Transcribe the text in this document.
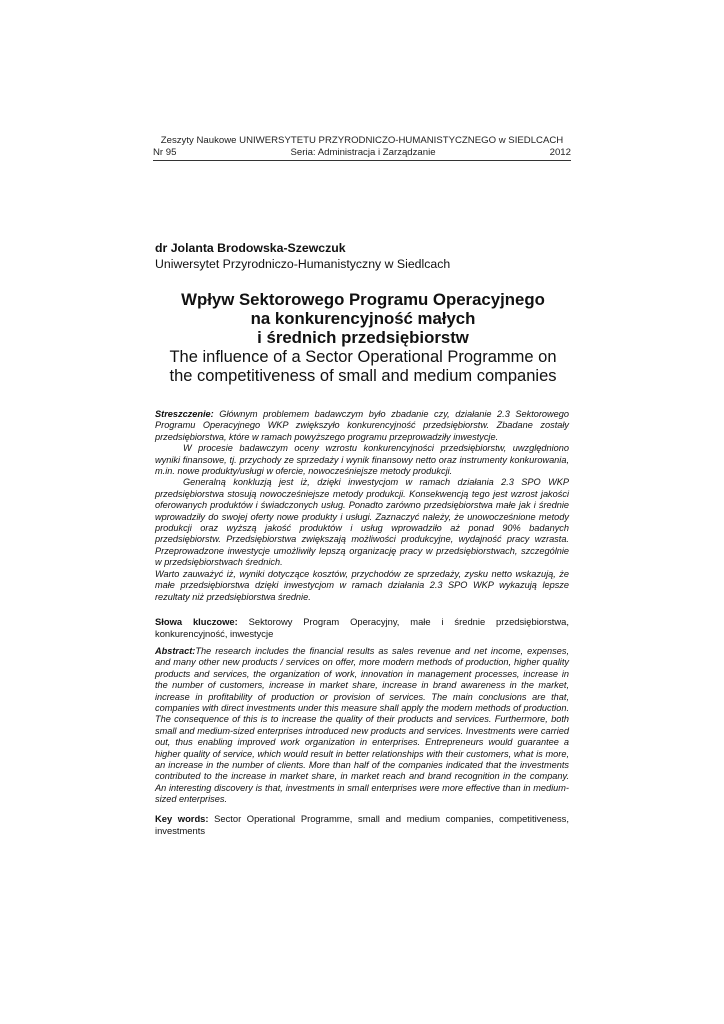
Zeszyty Naukowe UNIWERSYTETU PRZYRODNICZO-HUMANISTYCZNEGO w SIEDLCACH
Nr 95	Seria: Administracja i Zarządzanie	2012
dr Jolanta Brodowska-Szewczuk
Uniwersytet Przyrodniczo-Humanistyczny w Siedlcach
Wpływ Sektorowego Programu Operacyjnego
na konkurencyjność małych
i średnich przedsiębiorstw
The influence of a Sector Operational Programme on
the competitiveness of small and medium companies

Streszczenie: Głównym problemem badawczym było zbadanie czy, działanie 2.3 Sektorowego Programu Operacyjnego WKP zwiększyło konkurencyjność przedsiębiorstw. Zbadane zostały przedsiębiorstwa, które w ramach powyższego programu przeprowadziły inwestycje.

W procesie badawczym oceny wzrostu konkurencyjności przedsiębiorstw, uwzględniono wyniki finansowe, tj. przychody ze sprzedaży i wynik finansowy netto oraz instrumenty konkurowania, m.in. nowe produkty/usługi w ofercie, nowocześniejsze metody produkcji.

Generalną konkluzją jest iż, dzięki inwestycjom w ramach działania 2.3 SPO WKP przedsiębiorstwa stosują nowocześniejsze metody produkcji. Konsekwencją tego jest wzrost jakości oferowanych produktów i świadczonych usług. Ponadto zarówno przedsiębiorstwa małe jak i średnie wprowadziły do swojej oferty nowe produkty i usługi. Zaznaczyć należy, że unowocześnione metody produkcji oraz wyższą jakość produktów i usług wprowadziło aż ponad 90% badanych przedsiębiorstw. Przedsiębiorstwa zwiększają możliwości produkcyjne, wydajność pracy wzrasta. Przeprowadzone inwestycje umożliwiły lepszą organizację pracy w przedsiębiorstwach, szczególnie w przedsiębiorstwach średnich.

Warto zauważyć iż, wyniki dotyczące kosztów, przychodów ze sprzedaży, zysku netto wskazują, że małe przedsiębiorstwa dzięki inwestycjom w ramach działania 2.3 SPO WKP wykazują lepsze rezultaty niż przedsiębiorstwa średnie.

Słowa kluczowe: Sektorowy Program Operacyjny, małe i średnie przedsiębiorstwa, konkurencyjność, inwestycje

Abstract:The research includes the financial results as sales revenue and net income, expenses, and many other new products / services on offer, more modern methods of production, higher quality products and services, the organization of work, innovation in management processes, increase in the number of customers, increase in market share, increase in brand awareness in the market, increase in profitability of production or provision of services. The main conclusions are that, companies with direct investments under this measure shall apply the modern methods of production. The consequence of this is to increase the quality of their products and services. Furthermore, both small and medium-sized enterprises introduced new products and services. Investments were carried out, thus enabling improved work organization in enterprises. Entrepreneurs would guarantee a higher quality of service, which would result in better relationships with their customers, what is more, an increase in the number of clients. More than half of the companies indicated that the investments contributed to the increase in market share, in market reach and brand recognition in the company. An interesting discovery is that, investments in small enterprises were more effective than in medium-sized enterprises.

Key words: Sector Operational Programme, small and medium companies, competitiveness, investments
